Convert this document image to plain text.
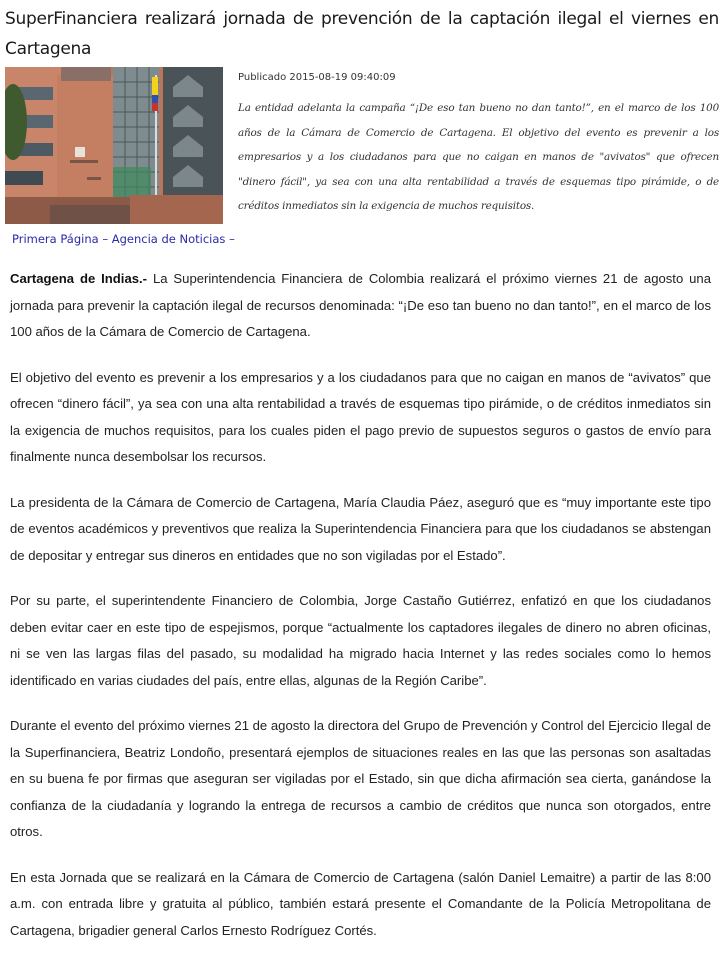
SuperFinanciera realizará jornada de prevención de la captación ilegal el viernes en Cartagena
Publicado 2015-08-19 09:40:09
La entidad adelanta la campaña “¡De eso tan bueno no dan tanto!”, en el marco de los 100 años de la Cámara de Comercio de Cartagena. El objetivo del evento es prevenir a los empresarios y a los ciudadanos para que no caigan en manos de "avivatos" que ofrecen "dinero fácil", ya sea con una alta rentabilidad a través de esquemas tipo pirámide, o de créditos inmediatos sin la exigencia de muchos requisitos.
Primera Página – Agencia de Noticias –

Cartagena de Indias.- La Superintendencia Financiera de Colombia realizará el próximo viernes 21 de agosto una jornada para prevenir la captación ilegal de recursos denominada: “¡De eso tan bueno no dan tanto!”, en el marco de los 100 años de la Cámara de Comercio de Cartagena.

El objetivo del evento es prevenir a los empresarios y a los ciudadanos para que no caigan en manos de “avivatos” que ofrecen “dinero fácil”, ya sea con una alta rentabilidad a través de esquemas tipo pirámide, o de créditos inmediatos sin la exigencia de muchos requisitos, para los cuales piden el pago previo de supuestos seguros o gastos de envío para finalmente nunca desembolsar los recursos.

La presidenta de la Cámara de Comercio de Cartagena, María Claudia Páez, aseguró que es “muy importante este tipo de eventos académicos y preventivos que realiza la Superintendencia Financiera para que los ciudadanos se abstengan de depositar y entregar sus dineros en entidades que no son vigiladas por el Estado”.

Por su parte, el superintendente Financiero de Colombia, Jorge Castaño Gutiérrez, enfatizó en que los ciudadanos deben evitar caer en este tipo de espejismos, porque “actualmente los captadores ilegales de dinero no abren oficinas, ni se ven las largas filas del pasado, su modalidad ha migrado hacia Internet y las redes sociales como lo hemos identificado en varias ciudades del país, entre ellas, algunas de la Región Caribe”.

Durante el evento del próximo viernes 21 de agosto la directora del Grupo de Prevención y Control del Ejercicio Ilegal de la Superfinanciera, Beatriz Londoño, presentará ejemplos de situaciones reales en las que las personas son asaltadas en su buena fe por firmas que aseguran ser vigiladas por el Estado, sin que dicha afirmación sea cierta, ganándose la confianza de la ciudadanía y logrando la entrega de recursos a cambio de créditos que nunca son otorgados, entre otros.

En esta Jornada que se realizará en la Cámara de Comercio de Cartagena (salón Daniel Lemaitre) a partir de las 8:00 a.m. con entrada libre y gratuita al público, también estará presente el Comandante de la Policía Metropolitana de Cartagena, brigadier general Carlos Ernesto Rodríguez Cortés.
